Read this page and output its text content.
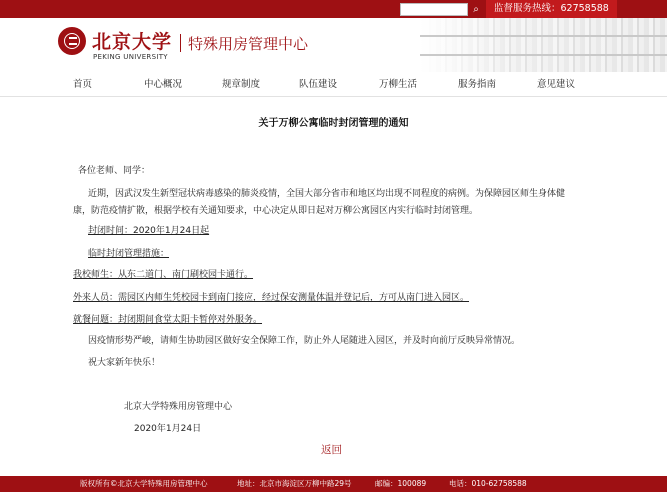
⌕	监督服务热线：62758588
北京大学
PEKING UNIVERSITY
特殊用房管理中心
首页	中心概况	规章制度	队伍建设	万柳生活	服务指南	意见建议
关于万柳公寓临时封闭管理的通知
各位老师、同学：
近期，因武汉发生新型冠状病毒感染的肺炎疫情，全国大部分省市和地区均出现不同程度的病例。为保障园区师生身体健
康，防范疫情扩散，根据学校有关通知要求，中心决定从即日起对万柳公寓园区内实行临时封闭管理。
封闭时间：2020年1月24日起
临时封闭管理措施：
我校师生：从东二道门、南门刷校园卡通行。
外来人员：需园区内师生凭校园卡到南门接应，经过保安测量体温并登记后，方可从南门进入园区。
就餐问题：封闭期间食堂太阳卡暂停对外服务。
因疫情形势严峻，请师生协助园区做好安全保障工作，防止外人尾随进入园区，并及时向前厅反映异常情况。
祝大家新年快乐！
北京大学特殊用房管理中心
2020年1月24日
返回
版权所有©北京大学特殊用房管理中心	地址：北京市海淀区万柳中路29号	邮编：100089	电话：010-62758588
